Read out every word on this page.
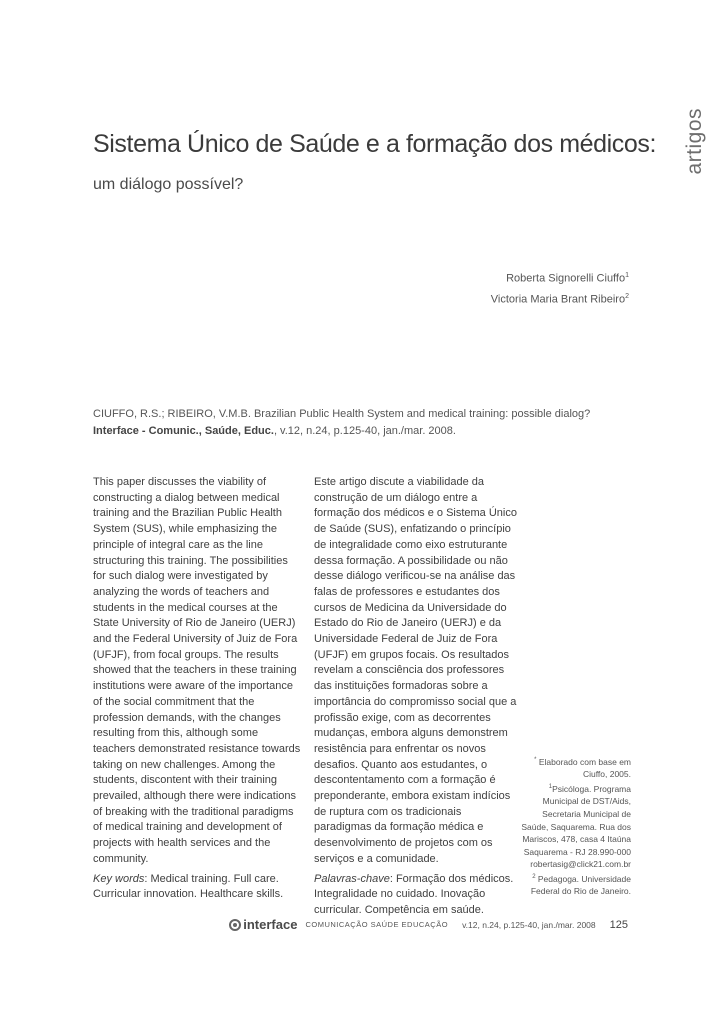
artigos
Sistema Único de Saúde e a formação dos médicos:
um diálogo possível?
Roberta Signorelli Ciuffo$^1$
Victoria Maria Brant Ribeiro$^2$
CIUFFO, R.S.; RIBEIRO, V.M.B. Brazilian Public Health System and medical training: possible dialog? Interface - Comunic., Saúde, Educ., v.12, n.24, p.125-40, jan./mar. 2008.

This paper discusses the viability of constructing a dialog between medical training and the Brazilian Public Health System (SUS), while emphasizing the principle of integral care as the line structuring this training. The possibilities for such dialog were investigated by analyzing the words of teachers and students in the medical courses at the State University of Rio de Janeiro (UERJ) and the Federal University of Juiz de Fora (UFJF), from focal groups. The results showed that the teachers in these training institutions were aware of the importance of the social commitment that the profession demands, with the changes resulting from this, although some teachers demonstrated resistance towards taking on new challenges. Among the students, discontent with their training prevailed, although there were indications of breaking with the traditional paradigms of medical training and development of projects with health services and the community.

Key words: Medical training. Full care. Curricular innovation. Healthcare skills.

Este artigo discute a viabilidade da construção de um diálogo entre a formação dos médicos e o Sistema Único de Saúde (SUS), enfatizando o princípio de integralidade como eixo estruturante dessa formação. A possibilidade ou não desse diálogo verificou-se na análise das falas de professores e estudantes dos cursos de Medicina da Universidade do Estado do Rio de Janeiro (UERJ) e da Universidade Federal de Juiz de Fora (UFJF) em grupos focais. Os resultados revelam a consciência dos professores das instituições formadoras sobre a importância do compromisso social que a profissão exige, com as decorrentes mudanças, embora alguns demonstrem resistência para enfrentar os novos desafios. Quanto aos estudantes, o descontentamento com a formação é preponderante, embora existam indícios de ruptura com os tradicionais paradigmas da formação médica e desenvolvimento de projetos com os serviços e a comunidade.

Palavras-chave: Formação dos médicos. Integralidade no cuidado. Inovação curricular. Competência em saúde.

* Elaborado com base em Ciuffo, 2005.
$^1$Psicóloga. Programa Municipal de DST/Aids, Secretaria Municipal de Saúde, Saquarema. Rua dos Mariscos, 478, casa 4 Itaúna Saquarema - RJ 28.990-000 robertasig@click21.com.br
$^2$ Pedagoga. Universidade Federal do Rio de Janeiro.
interface COMUNICAÇÃO SAÚDE EDUCAÇÃO v.12, n.24, p.125-40, jan./mar. 2008 125
